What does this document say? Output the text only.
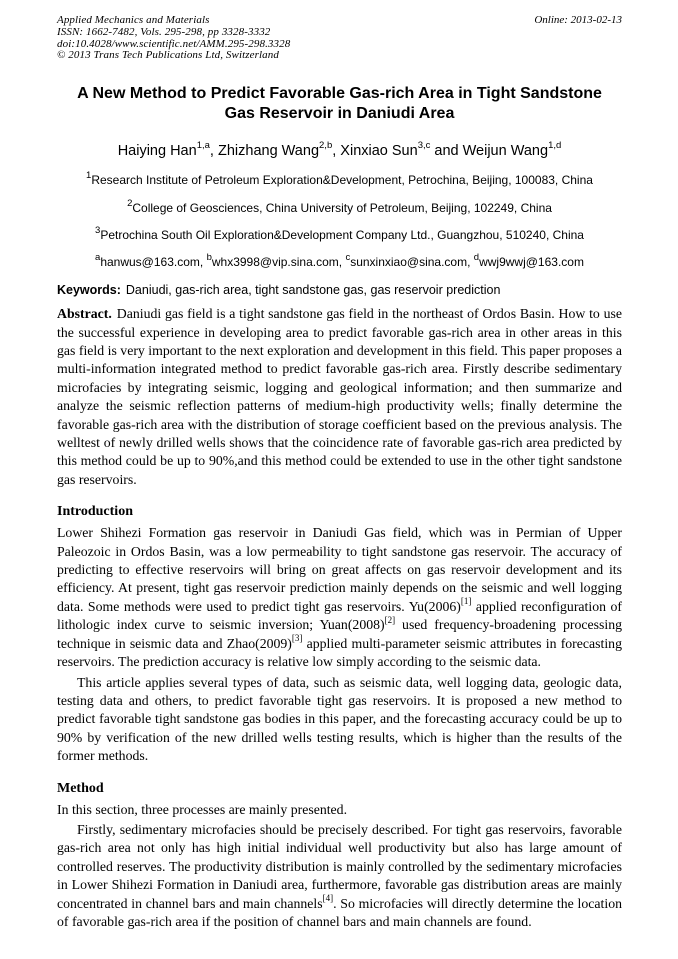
Applied Mechanics and Materials
ISSN: 1662-7482, Vols. 295-298, pp 3328-3332
doi:10.4028/www.scientific.net/AMM.295-298.3328
© 2013 Trans Tech Publications Ltd, Switzerland
Online: 2013-02-13
A New Method to Predict Favorable Gas-rich Area in Tight Sandstone
Gas Reservoir in Daniudi Area
Haiying Han$^{1,a}$, Zhizhang Wang$^{2,b}$, Xinxiao Sun$^{3,c}$ and Weijun Wang$^{1,d}$
$^1$Research Institute of Petroleum Exploration&Development, Petrochina, Beijing, 100083, China
$^2$College of Geosciences, China University of Petroleum, Beijing, 102249, China
$^3$Petrochina South Oil Exploration&Development Company Ltd., Guangzhou, 510240, China
$^a$hanwus@163.com, $^b$whx3998@vip.sina.com, $^c$sunxinxiao@sina.com, $^d$wwj9wwj@163.com
Keywords: Daniudi, gas-rich area, tight sandstone gas, gas reservoir prediction

Abstract. Daniudi gas field is a tight sandstone gas field in the northeast of Ordos Basin. How to use the successful experience in developing area to predict favorable gas-rich area in other areas in this gas field is very important to the next exploration and development in this field. This paper proposes a multi-information integrated method to predict favorable gas-rich area. Firstly describe sedimentary microfacies by integrating seismic, logging and geological information; and then summarize and analyze the seismic reflection patterns of medium-high productivity wells; finally determine the favorable gas-rich area with the distribution of storage coefficient based on the previous analysis. The welltest of newly drilled wells shows that the coincidence rate of favorable gas-rich area predicted by this method could be up to 90%,and this method could be extended to use in the other tight sandstone gas reservoirs.

Introduction

Lower Shihezi Formation gas reservoir in Daniudi Gas field, which was in Permian of Upper Paleozoic in Ordos Basin, was a low permeability to tight sandstone gas reservoir. The accuracy of predicting to effective reservoirs will bring on great affects on gas reservoir development and its efficiency. At present, tight gas reservoir prediction mainly depends on the seismic and well logging data. Some methods were used to predict tight gas reservoirs. Yu(2006)[1] applied reconfiguration of lithologic index curve to seismic inversion; Yuan(2008)[2] used frequency-broadening processing technique in seismic data and Zhao(2009)[3] applied multi-parameter seismic attributes in forecasting reservoirs. The prediction accuracy is relative low simply according to the seismic data.

This article applies several types of data, such as seismic data, well logging data, geologic data, testing data and others, to predict favorable tight gas reservoirs. It is proposed a new method to predict favorable tight sandstone gas bodies in this paper, and the forecasting accuracy could be up to 90% by verification of the new drilled wells testing results, which is higher than the results of the former methods.

Method

In this section, three processes are mainly presented.

Firstly, sedimentary microfacies should be precisely described. For tight gas reservoirs, favorable gas-rich area not only has high initial individual well productivity but also has large amount of controlled reserves. The productivity distribution is mainly controlled by the sedimentary microfacies in Lower Shihezi Formation in Daniudi area, furthermore, favorable gas distribution areas are mainly concentrated in channel bars and main channels[4]. So microfacies will directly determine the location of favorable gas-rich area if the position of channel bars and main channels are found.
